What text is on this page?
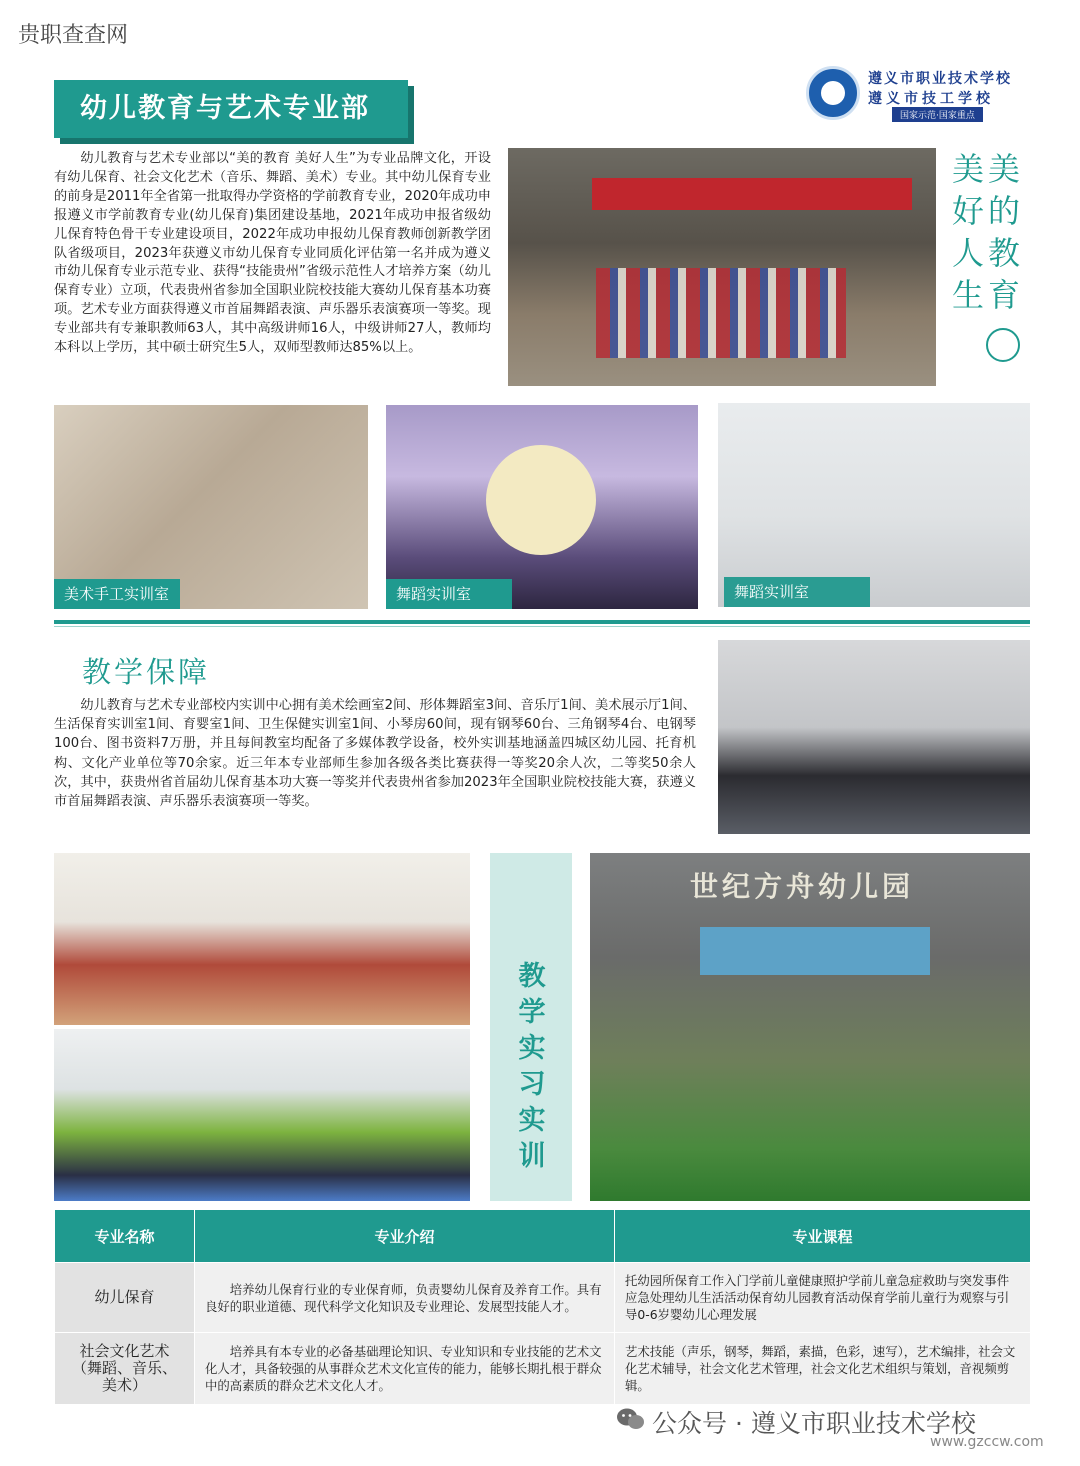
贵职查查网
幼儿教育与艺术专业部
遵义市职业技术学校
遵义市技工学校
国家示范·国家重点
幼儿教育与艺术专业部以“美的教育 美好人生”为专业品牌文化，开设有幼儿保育、社会文化艺术（音乐、舞蹈、美术）专业。其中幼儿保育专业的前身是2011年全省第一批取得办学资格的学前教育专业，2020年成功申报遵义市学前教育专业(幼儿保育)集团建设基地，2021年成功申报省级幼儿保育特色骨干专业建设项目，2022年成功申报幼儿保育教师创新教学团队省级项目，2023年获遵义市幼儿保育专业同质化评估第一名并成为遵义市幼儿保育专业示范专业、获得“技能贵州”省级示范性人才培养方案（幼儿保育专业）立项，代表贵州省参加全国职业院校技能大赛幼儿保育基本功赛项。艺术专业方面获得遵义市首届舞蹈表演、声乐器乐表演赛项一等奖。现专业部共有专兼职教师63人，其中高级讲师16人，中级讲师27人，教师均本科以上学历，其中硕士研究生5人，双师型教师达85%以上。
美的教育
美好人生
美术手工实训室	舞蹈实训室	舞蹈实训室
教学保障
幼儿教育与艺术专业部校内实训中心拥有美术绘画室2间、形体舞蹈室3间、音乐厅1间、美术展示厅1间、生活保育实训室1间、育婴室1间、卫生保健实训室1间、小琴房60间，现有钢琴60台、三角钢琴4台、电钢琴100台、图书资料7万册，并且每间教室均配备了多媒体教学设备，校外实训基地涵盖四城区幼儿园、托育机构、文化产业单位等70余家。近三年本专业部师生参加各级各类比赛获得一等奖20余人次，二等奖50余人次，其中，获贵州省首届幼儿保育基本功大赛一等奖并代表贵州省参加2023年全国职业院校技能大赛，获遵义市首届舞蹈表演、声乐器乐表演赛项一等奖。
教学实习实训
世纪方舟幼儿园
专业名称	专业介绍	专业课程
幼儿保育	培养幼儿保育行业的专业保育师，负责婴幼儿保育及养育工作。具有良好的职业道德、现代科学文化知识及专业理论、发展型技能人才。	托幼园所保育工作入门学前儿童健康照护学前儿童急症救助与突发事件应急处理幼儿生活活动保育幼儿园教育活动保育学前儿童行为观察与引导0-6岁婴幼儿心理发展
社会文化艺术（舞蹈、音乐、美术）	培养具有本专业的必备基础理论知识、专业知识和专业技能的艺术文化人才，具备较强的从事群众艺术文化宣传的能力，能够长期扎根于群众中的高素质的群众艺术文化人才。	艺术技能（声乐，钢琴，舞蹈，素描，色彩，速写），艺术编排，社会文化艺术辅导，社会文化艺术管理，社会文化艺术组织与策划，音视频剪辑。
公众号 · 遵义市职业技术学校
www.gzccw.com
